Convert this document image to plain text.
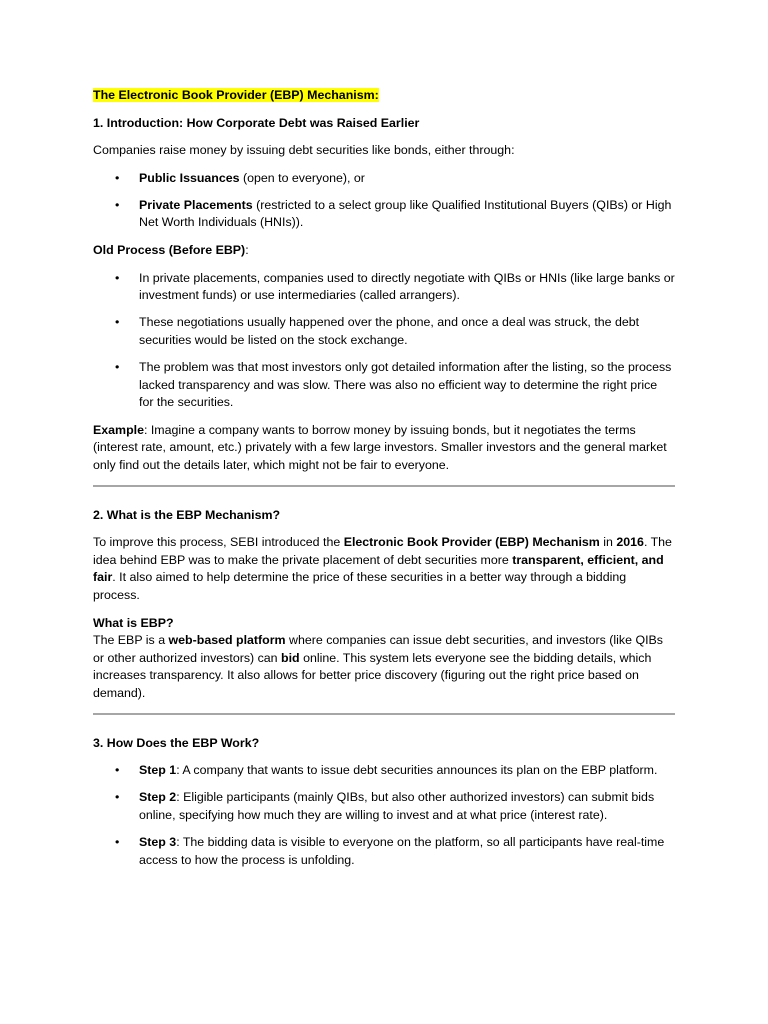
The Electronic Book Provider (EBP) Mechanism:

1. Introduction: How Corporate Debt was Raised Earlier

Companies raise money by issuing debt securities like bonds, either through:

• Public Issuances (open to everyone), or
• Private Placements (restricted to a select group like Qualified Institutional Buyers (QIBs) or High Net Worth Individuals (HNIs)).

Old Process (Before EBP):

• In private placements, companies used to directly negotiate with QIBs or HNIs (like large banks or investment funds) or use intermediaries (called arrangers).
• These negotiations usually happened over the phone, and once a deal was struck, the debt securities would be listed on the stock exchange.
• The problem was that most investors only got detailed information after the listing, so the process lacked transparency and was slow. There was also no efficient way to determine the right price for the securities.

Example: Imagine a company wants to borrow money by issuing bonds, but it negotiates the terms (interest rate, amount, etc.) privately with a few large investors. Smaller investors and the general market only find out the details later, which might not be fair to everyone.

2. What is the EBP Mechanism?

To improve this process, SEBI introduced the Electronic Book Provider (EBP) Mechanism in 2016. The idea behind EBP was to make the private placement of debt securities more transparent, efficient, and fair. It also aimed to help determine the price of these securities in a better way through a bidding process.

What is EBP?

The EBP is a web-based platform where companies can issue debt securities, and investors (like QIBs or other authorized investors) can bid online. This system lets everyone see the bidding details, which increases transparency. It also allows for better price discovery (figuring out the right price based on demand).

3. How Does the EBP Work?
• Step 1: A company that wants to issue debt securities announces its plan on the EBP platform.
• Step 2: Eligible participants (mainly QIBs, but also other authorized investors) can submit bids online, specifying how much they are willing to invest and at what price (interest rate).
• Step 3: The bidding data is visible to everyone on the platform, so all participants have real-time access to how the process is unfolding.
